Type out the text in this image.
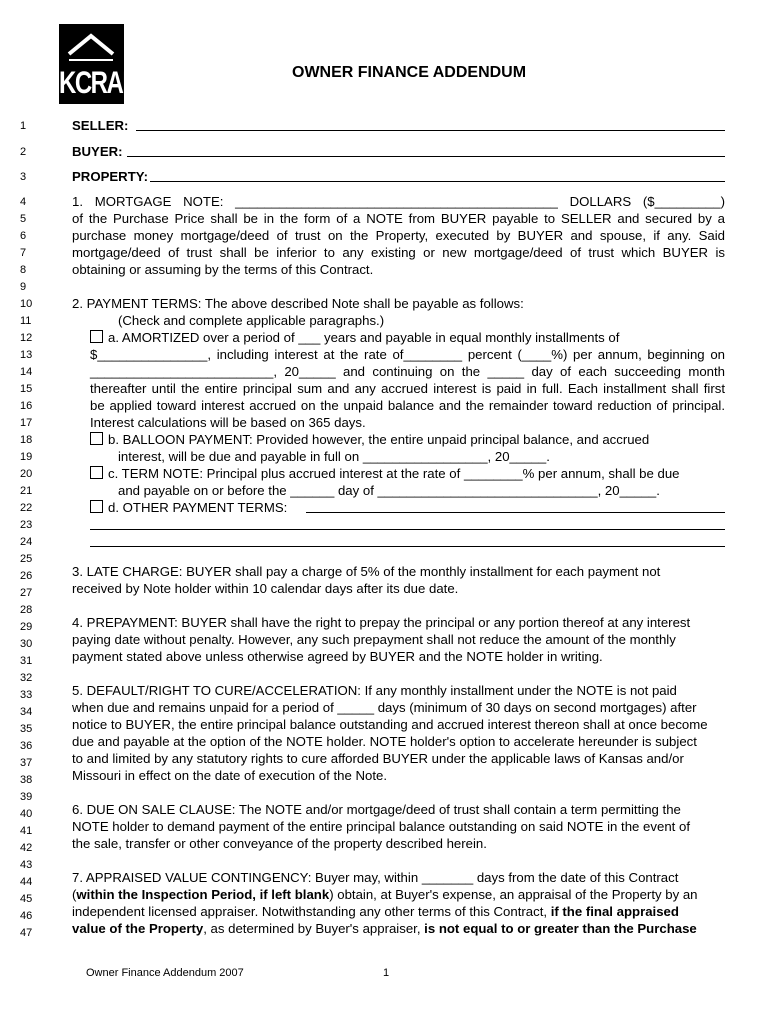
KCRAR	OWNER FINANCE ADDENDUM
1
2
3
4
5
6
7
8
9
10
11
12
13
14
15
16
17
18
19
20
21
22
23
24
25
26
27
28
29
30
31
32
33
34
35
36
37
38
39
40
41
42
43
44
45
46
47
SELLER:
BUYER:
PROPERTY:
1. MORTGAGE NOTE: ____________________________________________ DOLLARS ($_________)
of the Purchase Price shall be in the form of a NOTE from BUYER payable to SELLER and secured by a
purchase money mortgage/deed of trust on the Property, executed by BUYER and spouse, if any. Said
mortgage/deed of trust shall be inferior to any existing or new mortgage/deed of trust which BUYER is
obtaining or assuming by the terms of this Contract.
2. PAYMENT TERMS: The above described Note shall be payable as follows:
(Check and complete applicable paragraphs.)
a. AMORTIZED over a period of ___ years and payable in equal monthly installments of
$_______________, including interest at the rate of________ percent (____%) per annum, beginning on
_________________________, 20_____ and continuing on the _____ day of each succeeding month
thereafter until the entire principal sum and any accrued interest is paid in full. Each installment shall first
be applied toward interest accrued on the unpaid balance and the remainder toward reduction of principal.
Interest calculations will be based on 365 days.
b. BALLOON PAYMENT: Provided however, the entire unpaid principal balance, and accrued
interest, will be due and payable in full on _________________, 20_____.
c. TERM NOTE: Principal plus accrued interest at the rate of ________% per annum, shall be due
and payable on or before the ______ day of ______________________________, 20_____.
d. OTHER PAYMENT TERMS:
3. LATE CHARGE: BUYER shall pay a charge of 5% of the monthly installment for each payment not
received by Note holder within 10 calendar days after its due date.
4. PREPAYMENT: BUYER shall have the right to prepay the principal or any portion thereof at any interest
paying date without penalty. However, any such prepayment shall not reduce the amount of the monthly
payment stated above unless otherwise agreed by BUYER and the NOTE holder in writing.
5. DEFAULT/RIGHT TO CURE/ACCELERATION: If any monthly installment under the NOTE is not paid
when due and remains unpaid for a period of _____ days (minimum of 30 days on second mortgages) after
notice to BUYER, the entire principal balance outstanding and accrued interest thereon shall at once become
due and payable at the option of the NOTE holder. NOTE holder's option to accelerate hereunder is subject
to and limited by any statutory rights to cure afforded BUYER under the applicable laws of Kansas and/or
Missouri in effect on the date of execution of the Note.
6. DUE ON SALE CLAUSE: The NOTE and/or mortgage/deed of trust shall contain a term permitting the
NOTE holder to demand payment of the entire principal balance outstanding on said NOTE in the event of
the sale, transfer or other conveyance of the property described herein.
7. APPRAISED VALUE CONTINGENCY: Buyer may, within _______ days from the date of this Contract
(within the Inspection Period, if left blank) obtain, at Buyer's expense, an appraisal of the Property by an
independent licensed appraiser. Notwithstanding any other terms of this Contract, if the final appraised
value of the Property, as determined by Buyer's appraiser, is not equal to or greater than the Purchase
Owner Finance Addendum 2007	1
